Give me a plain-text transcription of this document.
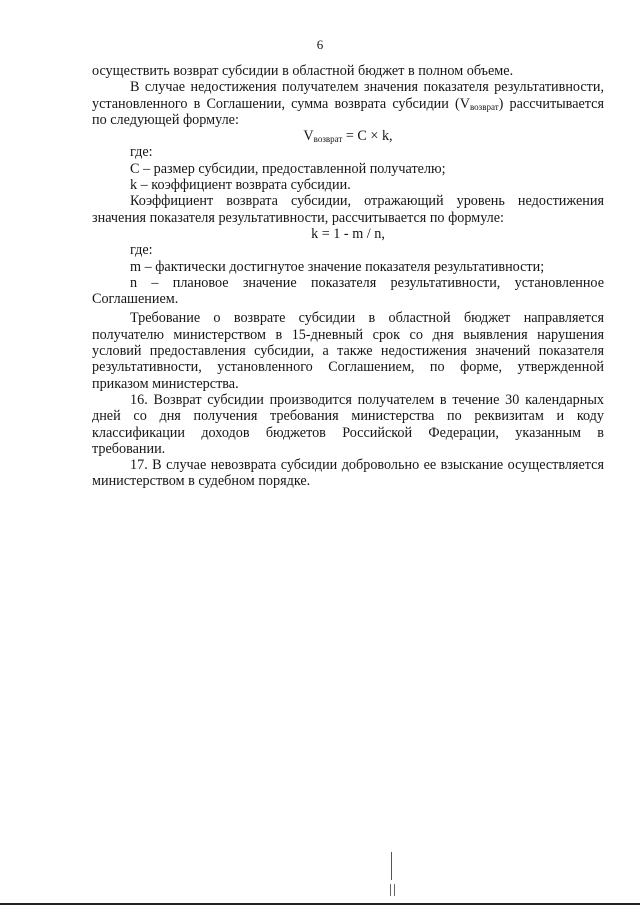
6

осуществить возврат субсидии в областной бюджет в полном объеме.

В случае недостижения получателем значения показателя результативности, установленного в Соглашении, сумма возврата субсидии $(V_{возврат})$ рассчитывается по следующей формуле:

$V_{возврат} = C \times k$,

где:

C – размер субсидии, предоставленной получателю;

k – коэффициент возврата субсидии.

Коэффициент возврата субсидии, отражающий уровень недостижения значения показателя результативности, рассчитывается по формуле:

k = 1 - m / n,

где:

m – фактически достигнутое значение показателя результативности;

n – плановое значение показателя результативности, установленное Соглашением.

Требование о возврате субсидии в областной бюджет направляется получателю министерством в 15-дневный срок со дня выявления нарушения условий предоставления субсидии, а также недостижения значений показателя результативности, установленного Соглашением, по форме, утвержденной приказом министерства.

16. Возврат субсидии производится получателем в течение 30 календарных дней со дня получения требования министерства по реквизитам и коду классификации доходов бюджетов Российской Федерации, указанным в требовании.

17. В случае невозврата субсидии добровольно ее взыскание осуществляется министерством в судебном порядке.
